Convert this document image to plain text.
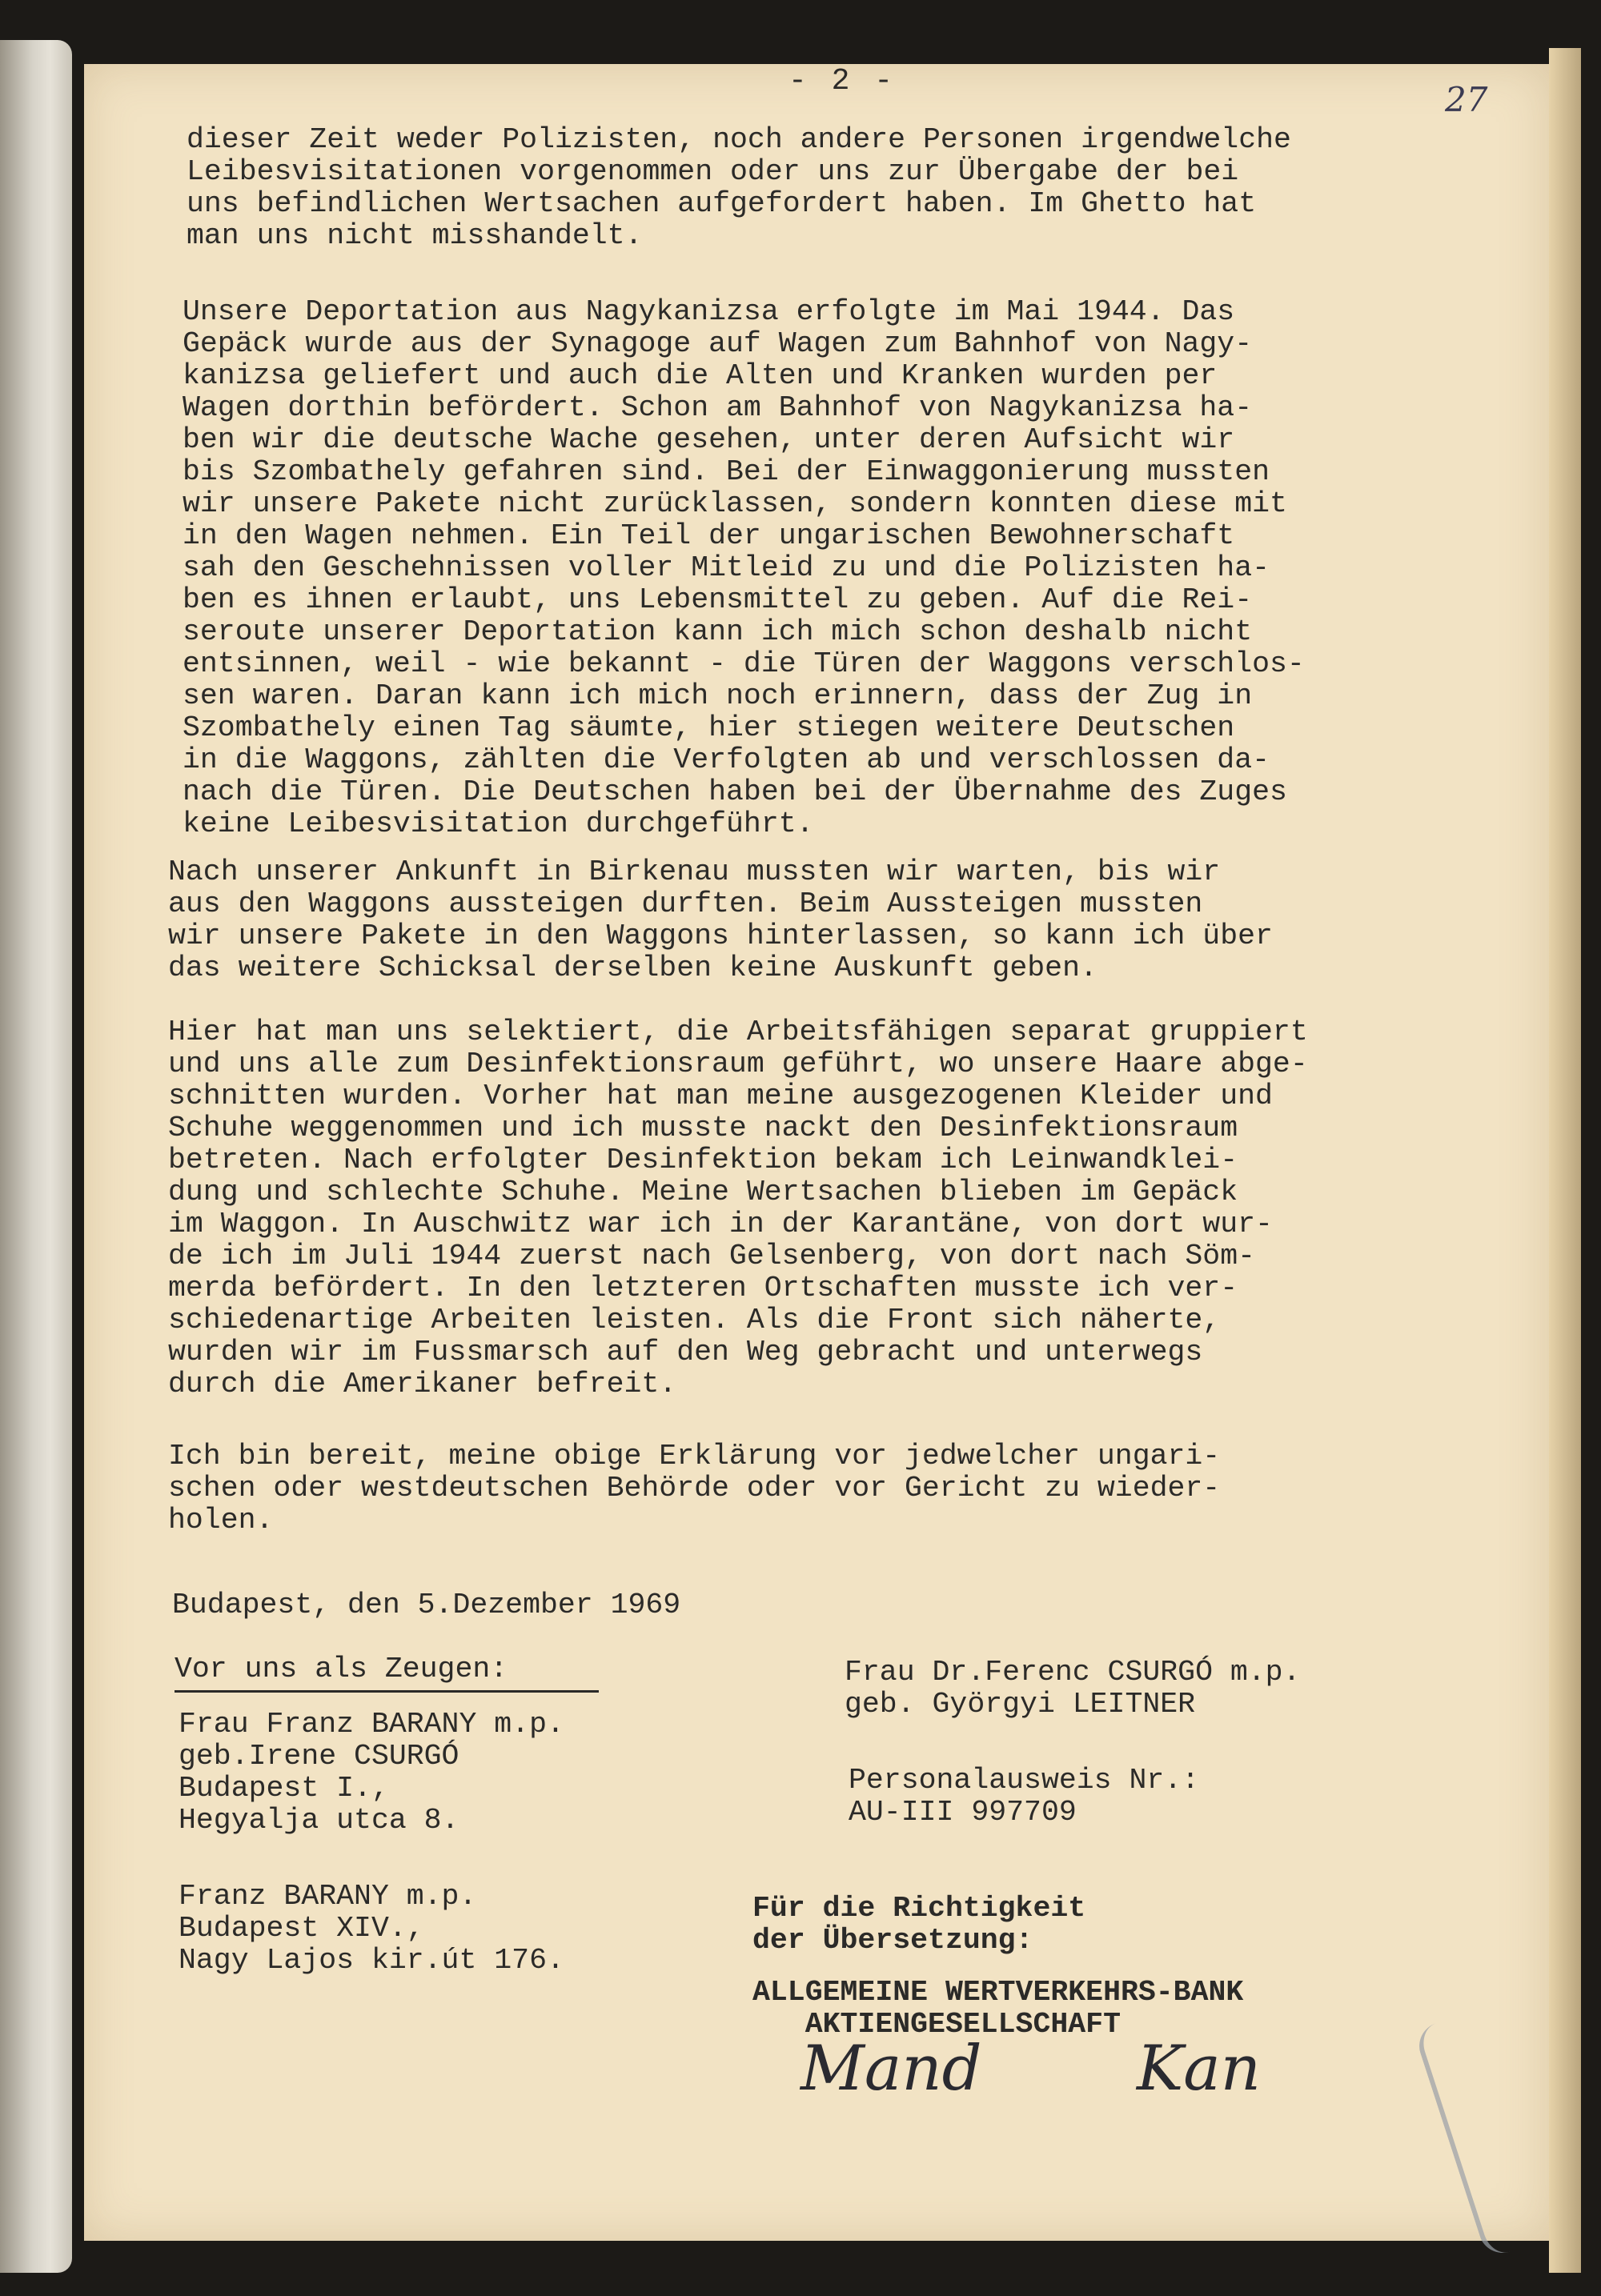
- 2 -	27

dieser Zeit weder Polizisten, noch andere Personen irgendwelche
Leibesvisitationen vorgenommen oder uns zur Übergabe der bei
uns befindlichen Wertsachen aufgefordert haben. Im Ghetto hat
man uns nicht misshandelt.

Unsere Deportation aus Nagykanizsa erfolgte im Mai 1944. Das
Gepäck wurde aus der Synagoge auf Wagen zum Bahnhof von Nagy-
kanizsa geliefert und auch die Alten und Kranken wurden per
Wagen dorthin befördert. Schon am Bahnhof von Nagykanizsa ha-
ben wir die deutsche Wache gesehen, unter deren Aufsicht wir
bis Szombathely gefahren sind. Bei der Einwaggonierung mussten
wir unsere Pakete nicht zurücklassen, sondern konnten diese mit
in den Wagen nehmen. Ein Teil der ungarischen Bewohnerschaft
sah den Geschehnissen voller Mitleid zu und die Polizisten ha-
ben es ihnen erlaubt, uns Lebensmittel zu geben. Auf die Rei-
seroute unserer Deportation kann ich mich schon deshalb nicht
entsinnen, weil - wie bekannt - die Türen der Waggons verschlos-
sen waren. Daran kann ich mich noch erinnern, dass der Zug in
Szombathely einen Tag säumte, hier stiegen weitere Deutschen
in die Waggons, zählten die Verfolgten ab und verschlossen da-
nach die Türen. Die Deutschen haben bei der Übernahme des Zuges
keine Leibesvisitation durchgeführt.

Nach unserer Ankunft in Birkenau mussten wir warten, bis wir
aus den Waggons aussteigen durften. Beim Aussteigen mussten
wir unsere Pakete in den Waggons hinterlassen, so kann ich über
das weitere Schicksal derselben keine Auskunft geben.

Hier hat man uns selektiert, die Arbeitsfähigen separat gruppiert
und uns alle zum Desinfektionsraum geführt, wo unsere Haare abge-
schnitten wurden. Vorher hat man meine ausgezogenen Kleider und
Schuhe weggenommen und ich musste nackt den Desinfektionsraum
betreten. Nach erfolgter Desinfektion bekam ich Leinwandklei-
dung und schlechte Schuhe. Meine Wertsachen blieben im Gepäck
im Waggon. In Auschwitz war ich in der Karantäne, von dort wur-
de ich im Juli 1944 zuerst nach Gelsenberg, von dort nach Söm-
merda befördert. In den letzteren Ortschaften musste ich ver-
schiedenartige Arbeiten leisten. Als die Front sich näherte,
wurden wir im Fussmarsch auf den Weg gebracht und unterwegs
durch die Amerikaner befreit.

Ich bin bereit, meine obige Erklärung vor jedwelcher ungari-
schen oder westdeutschen Behörde oder vor Gericht zu wieder-
holen.

Budapest, den 5.Dezember 1969
Vor uns als Zeugen:
Frau Franz BARANY m.p.
geb.Irene CSURGÓ
Budapest I.,
Hegyalja utca 8.
Franz BARANY m.p.
Budapest XIV.,
Nagy Lajos kir.út 176.
Frau Dr.Ferenc CSURGÓ m.p.
geb. Györgyi LEITNER
Personalausweis Nr.:
AU-III 997709
Für die Richtigkeit
der Übersetzung:
ALLGEMEINE WERTVERKEHRS-BANK
AKTIENGESELLSCHAFT
Mand Kan
